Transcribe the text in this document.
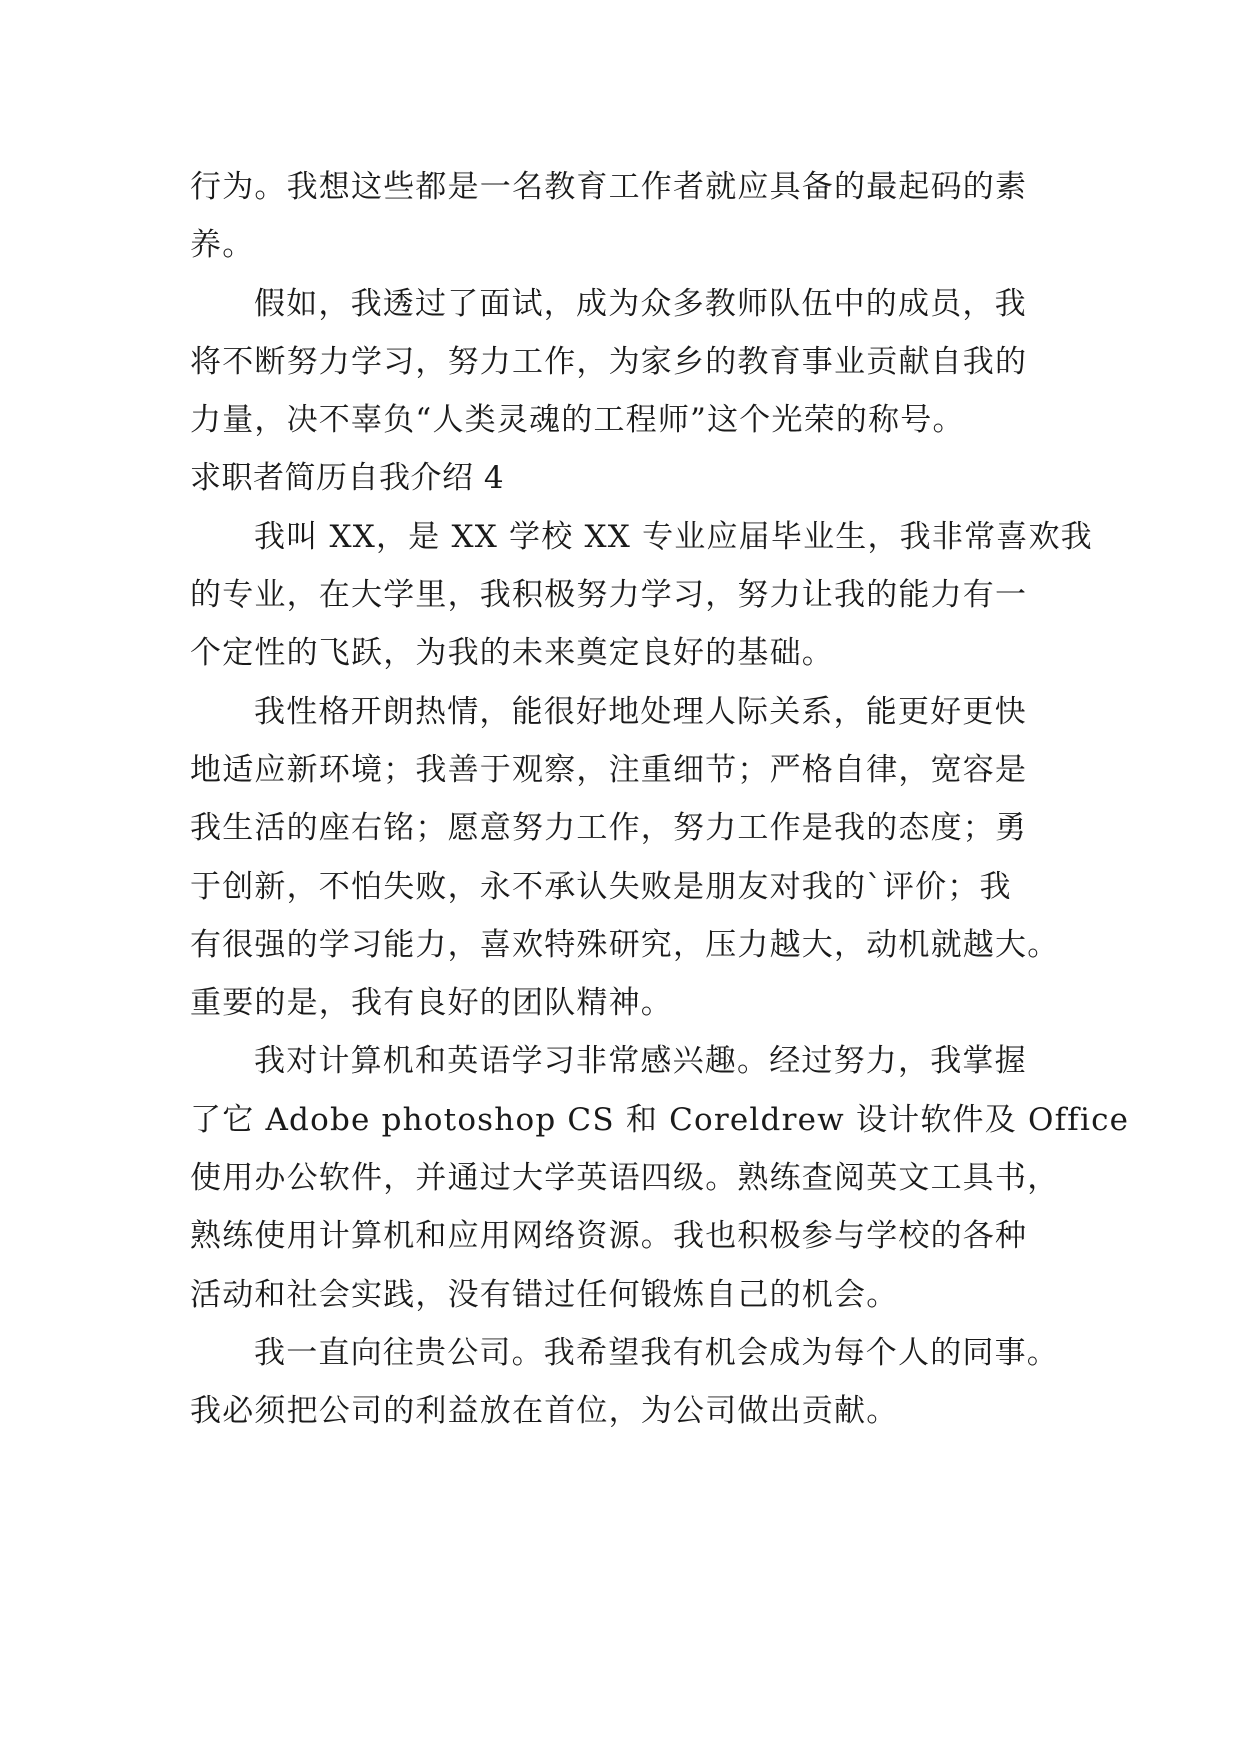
行为。我想这些都是一名教育工作者就应具备的最起码的素
养。
假如，我透过了面试，成为众多教师队伍中的成员，我
将不断努力学习，努力工作，为家乡的教育事业贡献自我的
力量，决不辜负“人类灵魂的工程师”这个光荣的称号。
求职者简历自我介绍 4
我叫 XX，是 XX 学校 XX 专业应届毕业生，我非常喜欢我
的专业，在大学里，我积极努力学习，努力让我的能力有一
个定性的飞跃，为我的未来奠定良好的基础。
我性格开朗热情，能很好地处理人际关系，能更好更快
地适应新环境；我善于观察，注重细节；严格自律，宽容是
我生活的座右铭；愿意努力工作，努力工作是我的态度；勇
于创新，不怕失败，永不承认失败是朋友对我的`评价；我
有很强的学习能力，喜欢特殊研究，压力越大，动机就越大。
重要的是，我有良好的团队精神。
我对计算机和英语学习非常感兴趣。经过努力，我掌握
了它 Adobe photoshop CS 和 Coreldrew 设计软件及 Office
使用办公软件，并通过大学英语四级。熟练查阅英文工具书，
熟练使用计算机和应用网络资源。我也积极参与学校的各种
活动和社会实践，没有错过任何锻炼自己的机会。
我一直向往贵公司。我希望我有机会成为每个人的同事。
我必须把公司的利益放在首位，为公司做出贡献。
